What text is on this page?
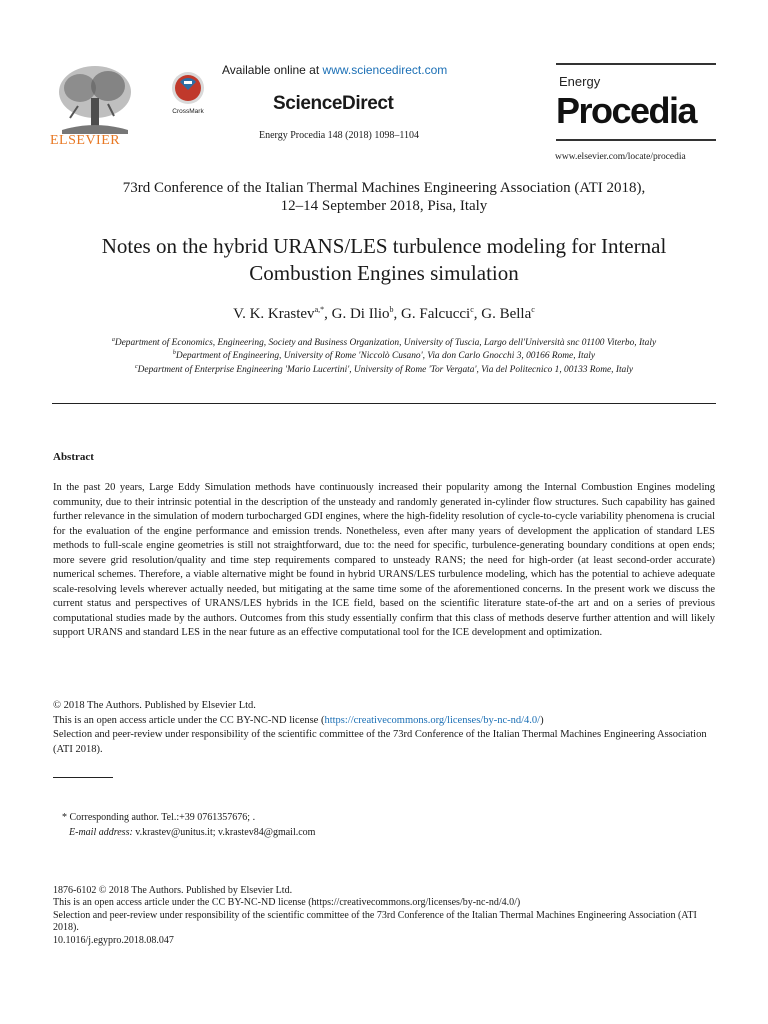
ELSEVIER
CrossMark
Available online at www.sciencedirect.com
ScienceDirect
Energy Procedia 148 (2018) 1098–1104
Energy
Procedia
www.elsevier.com/locate/procedia
73rd Conference of the Italian Thermal Machines Engineering Association (ATI 2018),
12–14 September 2018, Pisa, Italy
Notes on the hybrid URANS/LES turbulence modeling for Internal
Combustion Engines simulation
V. K. Krastev$^{a,*}$, G. Di Ilio$^b$, G. Falcucci$^c$, G. Bella$^c$
$^a$Department of Economics, Engineering, Society and Business Organization, University of Tuscia, Largo dell'Università snc 01100 Viterbo, Italy
$^b$Department of Engineering, University of Rome 'Niccolò Cusano', Via don Carlo Gnocchi 3, 00166 Rome, Italy
$^c$Department of Enterprise Engineering 'Mario Lucertini', University of Rome 'Tor Vergata', Via del Politecnico 1, 00133 Rome, Italy
Abstract
In the past 20 years, Large Eddy Simulation methods have continuously increased their popularity among the Internal Combustion Engines modeling community, due to their intrinsic potential in the description of the unsteady and randomly generated in-cylinder flow structures. Such capability has gained further relevance in the simulation of modern turbocharged GDI engines, where the high-fidelity resolution of cycle-to-cycle variability phenomena is crucial for the evaluation of the engine performance and emission trends. Nonetheless, even after many years of development the application of standard LES methods to full-scale engine geometries is still not straightforward, due to: the need for specific, turbulence-generating boundary conditions at open ends; more severe grid resolution/quality and time step requirements compared to unsteady RANS; the need for high-order (at least second-order accurate) numerical schemes. Therefore, a viable alternative might be found in hybrid URANS/LES turbulence modeling, which has the potential to achieve adequate scale-resolving levels wherever actually needed, but mitigating at the same time some of the aforementioned concerns. In the present work we discuss the current status and perspectives of URANS/LES hybrids in the ICE field, based on the scientific literature state-of-the art and on a series of previous computational studies made by the authors. Outcomes from this study essentially confirm that this class of methods deserve further attention and will likely support URANS and standard LES in the near future as an effective computational tool for the ICE development and optimization.
© 2018 The Authors. Published by Elsevier Ltd.
This is an open access article under the CC BY-NC-ND license (https://creativecommons.org/licenses/by-nc-nd/4.0/)
Selection and peer-review under responsibility of the scientific committee of the 73rd Conference of the Italian Thermal Machines Engineering Association (ATI 2018).
* Corresponding author. Tel.:+39 0761357676; .
E-mail address: v.krastev@unitus.it; v.krastev84@gmail.com
1876-6102 © 2018 The Authors. Published by Elsevier Ltd.
This is an open access article under the CC BY-NC-ND license (https://creativecommons.org/licenses/by-nc-nd/4.0/)
Selection and peer-review under responsibility of the scientific committee of the 73rd Conference of the Italian Thermal Machines Engineering Association (ATI 2018).
10.1016/j.egypro.2018.08.047
